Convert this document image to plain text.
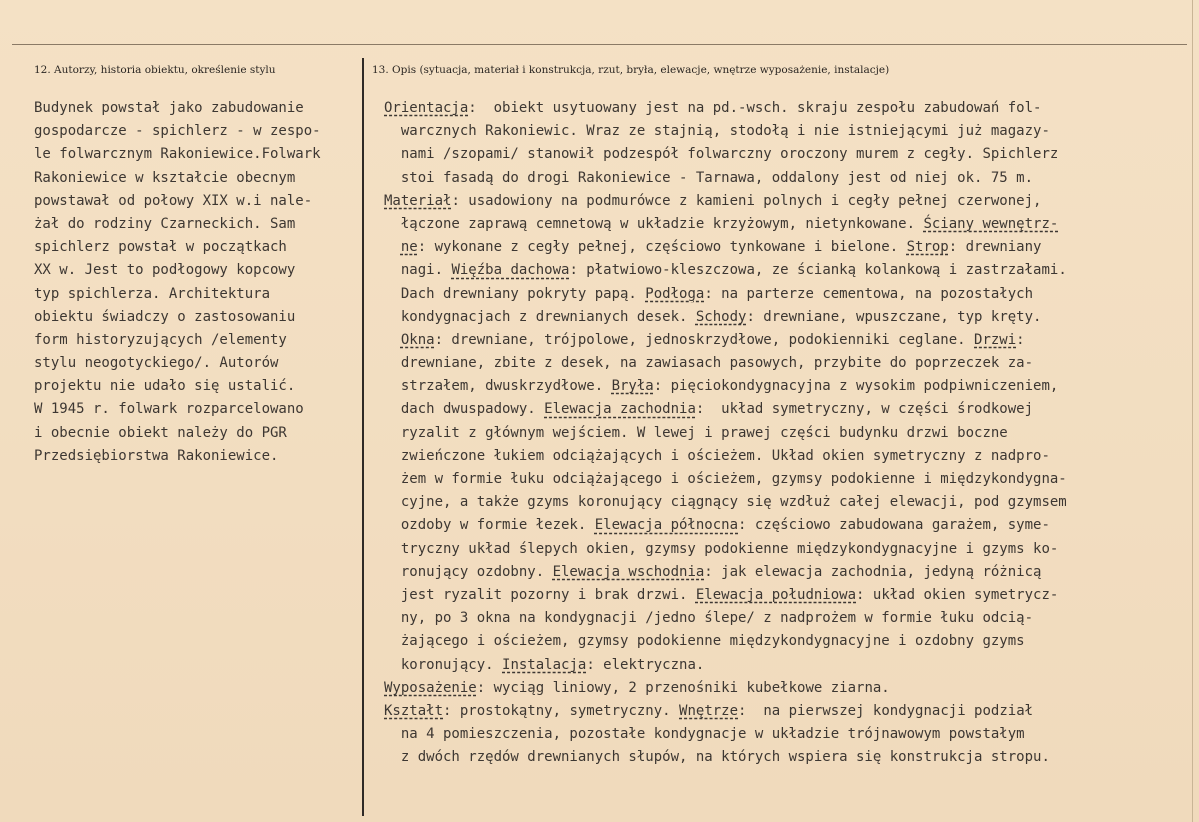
12. Autorzy, historia obiektu, określenie stylu	13. Opis (sytuacja, materiał i konstrukcja, rzut, bryła, elewacje, wnętrze wyposażenie, instalacje)
Budynek powstał jako zabudowanie
gospodarcze - spichlerz - w zespo-
le folwarcznym Rakoniewice.Folwark
Rakoniewice w kształcie obecnym
powstawał od połowy XIX w.i nale-
żał do rodziny Czarneckich. Sam
spichlerz powstał w początkach
XX w. Jest to podłogowy kopcowy
typ spichlerza. Architektura
obiektu świadczy o zastosowaniu
form historyzujących /elementy
stylu neogotyckiego/. Autorów
projektu nie udało się ustalić.
W 1945 r. folwark rozparcelowano
i obecnie obiekt należy do PGR
Przedsiębiorstwa Rakoniewice.
Orientacja:  obiekt usytuowany jest na pd.-wsch. skraju zespołu zabudowań fol-
warcznych Rakoniewic. Wraz ze stajnią, stodołą i nie istniejącymi już magazy-
nami /szopami/ stanowił podzespół folwarczny oroczony murem z cegły. Spichlerz
stoi fasadą do drogi Rakoniewice - Tarnawa, oddalony jest od niej ok. 75 m.
Materiał: usadowiony na podmurówce z kamieni polnych i cegły pełnej czerwonej,
łączone zaprawą cemnetową w układzie krzyżowym, nietynkowane. Ściany wewnętrz-
ne: wykonane z cegły pełnej, częściowo tynkowane i bielone. Strop: drewniany
nagi. Więźba dachowa: płatwiowo-kleszczowa, ze ścianką kolankową i zastrzałami.
Dach drewniany pokryty papą. Podłoga: na parterze cementowa, na pozostałych
kondygnacjach z drewnianych desek. Schody: drewniane, wpuszczane, typ kręty.
Okna: drewniane, trójpolowe, jednoskrzydłowe, podokienniki ceglane. Drzwi:
drewniane, zbite z desek, na zawiasach pasowych, przybite do poprzeczek za-
strzałem, dwuskrzydłowe. Bryła: pięciokondygnacyjna z wysokim podpiwniczeniem,
dach dwuspadowy. Elewacja zachodnia:  układ symetryczny, w części środkowej
ryzalit z głównym wejściem. W lewej i prawej części budynku drzwi boczne
zwieńczone łukiem odciążających i ościeżem. Układ okien symetryczny z nadpro-
żem w formie łuku odciążającego i ościeżem, gzymsy podokienne i międzykondygna-
cyjne, a także gzyms koronujący ciągnący się wzdłuż całej elewacji, pod gzymsem
ozdoby w formie łezek. Elewacja północna: częściowo zabudowana garażem, syme-
tryczny układ ślepych okien, gzymsy podokienne międzykondygnacyjne i gzyms ko-
ronujący ozdobny. Elewacja wschodnia: jak elewacja zachodnia, jedyną różnicą
jest ryzalit pozorny i brak drzwi. Elewacja południowa: układ okien symetrycz-
ny, po 3 okna na kondygnacji /jedno ślepe/ z nadprożem w formie łuku odcią-
żającego i ościeżem, gzymsy podokienne międzykondygnacyjne i ozdobny gzyms
koronujący. Instalacja: elektryczna.
Wyposażenie: wyciąg liniowy, 2 przenośniki kubełkowe ziarna.
Kształt: prostokątny, symetryczny. Wnętrze:  na pierwszej kondygnacji podział
na 4 pomieszczenia, pozostałe kondygnacje w układzie trójnawowym powstałym
z dwóch rzędów drewnianych słupów, na których wspiera się konstrukcja stropu.
